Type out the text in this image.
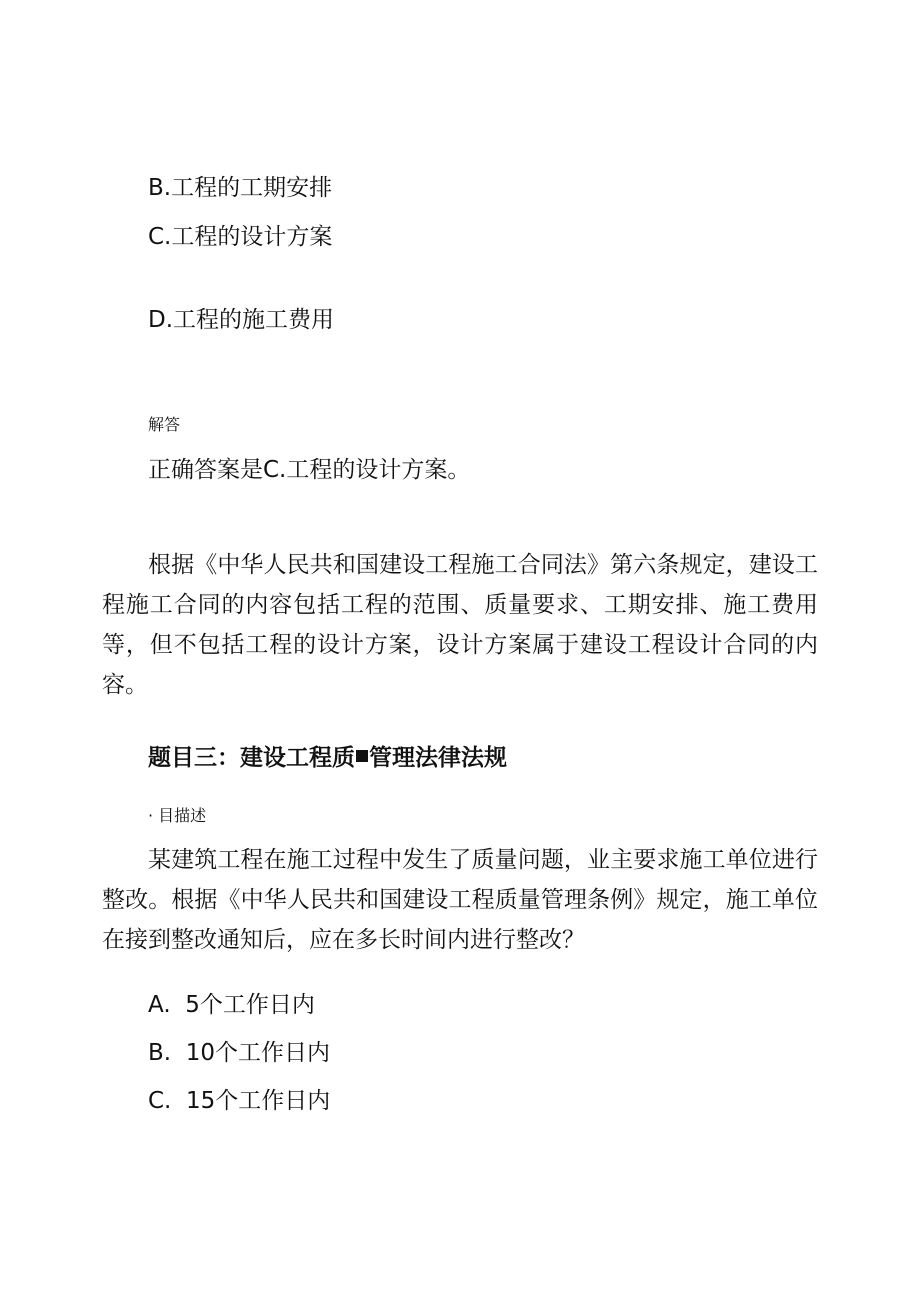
B.工程的工期安排
C.工程的设计方案
D.工程的施工费用
解答
正确答案是C.工程的设计方案。
根据《中华人民共和国建设工程施工合同法》第六条规定，建设工程施工合同的内容包括工程的范围、质量要求、工期安排、施工费用等，但不包括工程的设计方案，设计方案属于建设工程设计合同的内容。
题目三：建设工程质 管理法律法规
· 目描述
某建筑工程在施工过程中发生了质量问题，业主要求施工单位进行整改。根据《中华人民共和国建设工程质量管理条例》规定，施工单位在接到整改通知后，应在多长时间内进行整改？
A. 5个工作日内
B. 10个工作日内
C. 15个工作日内
